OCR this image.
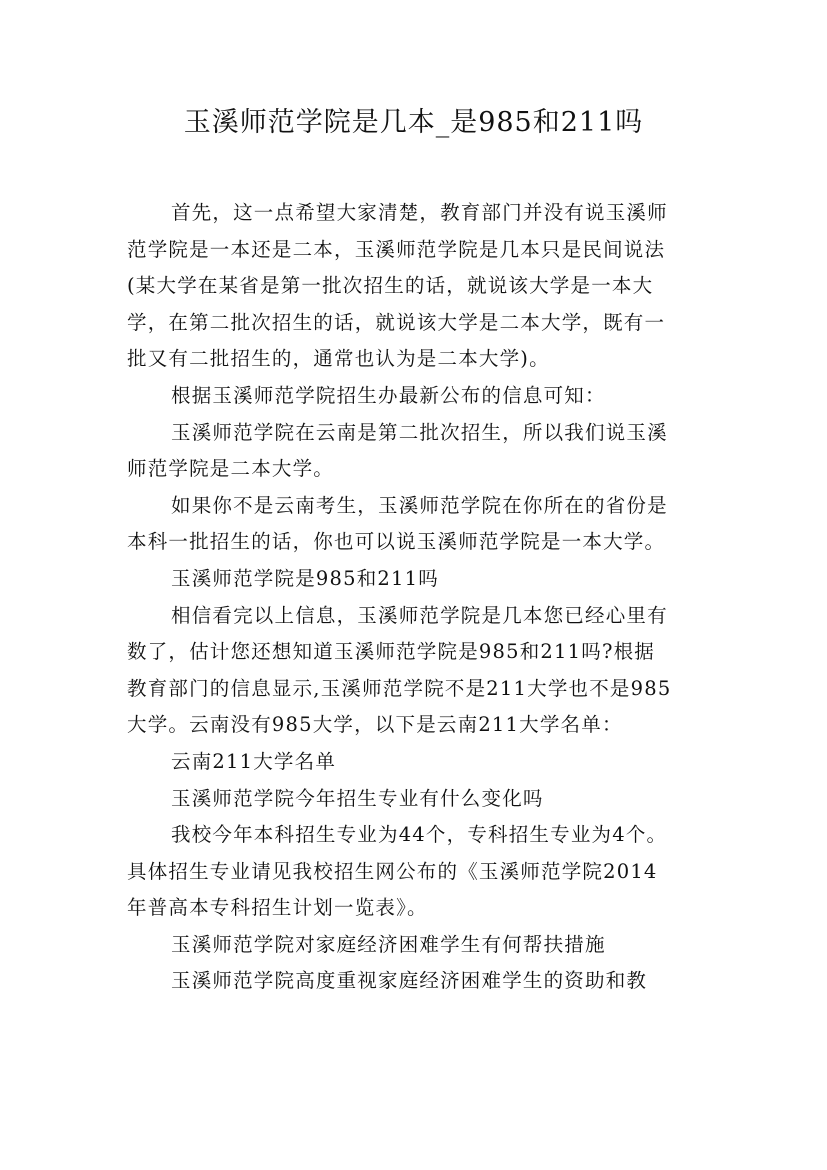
玉溪师范学院是几本_是985和211吗

首先，这一点希望大家清楚，教育部门并没有说玉溪师
范学院是一本还是二本，玉溪师范学院是几本只是民间说法
(某大学在某省是第一批次招生的话，就说该大学是一本大
学，在第二批次招生的话，就说该大学是二本大学，既有一
批又有二批招生的，通常也认为是二本大学)。

根据玉溪师范学院招生办最新公布的信息可知：

玉溪师范学院在云南是第二批次招生，所以我们说玉溪
师范学院是二本大学。

如果你不是云南考生，玉溪师范学院在你所在的省份是
本科一批招生的话，你也可以说玉溪师范学院是一本大学。

玉溪师范学院是985和211吗

相信看完以上信息，玉溪师范学院是几本您已经心里有
数了，估计您还想知道玉溪师范学院是985和211吗?根据
教育部门的信息显示,玉溪师范学院不是211大学也不是985
大学。云南没有985大学，以下是云南211大学名单：

云南211大学名单

玉溪师范学院今年招生专业有什么变化吗

我校今年本科招生专业为44个，专科招生专业为4个。
具体招生专业请见我校招生网公布的《玉溪师范学院2014
年普高本专科招生计划一览表》。

玉溪师范学院对家庭经济困难学生有何帮扶措施

玉溪师范学院高度重视家庭经济困难学生的资助和教
